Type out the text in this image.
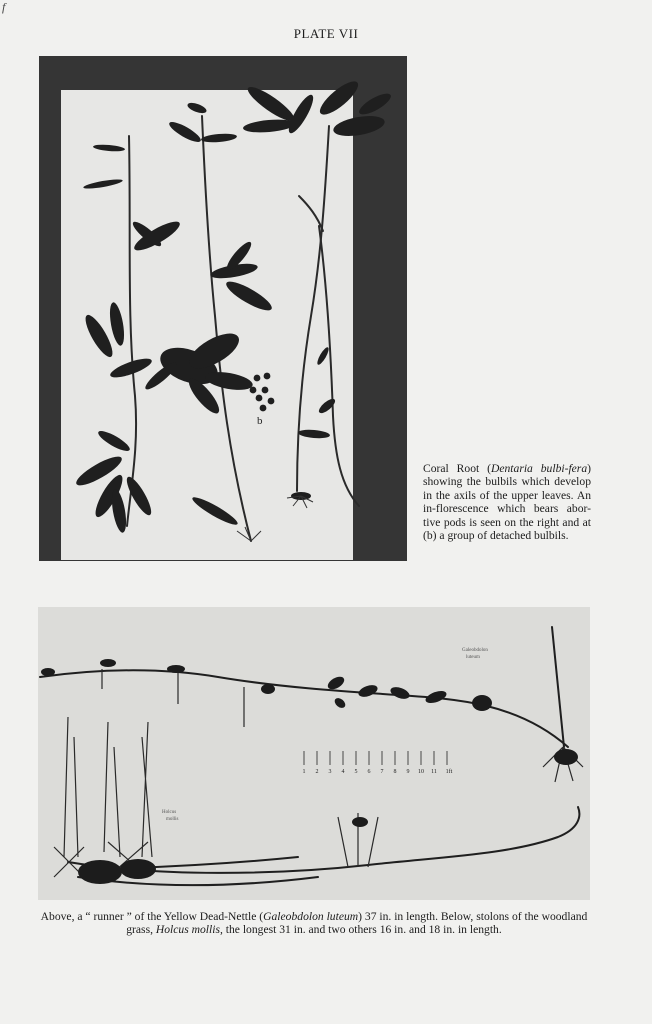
f
PLATE VII
b
Coral Root (Dentaria bulbi-fera) showing the bulbils which develop in the axils of the upper leaves. An in-florescence which bears abor-tive pods is seen on the right and at (b) a group of detached bulbils.
1 2 3 4 5 6 7 8 9 10 11 1ft
Galeobdolon
luteum
Holcus
mollis
Above, a “ runner ” of the Yellow Dead-Nettle (Galeobdolon luteum) 37 in. in length. Below, stolons of the woodland grass, Holcus mollis, the longest 31 in. and two others 16 in. and 18 in. in length.
